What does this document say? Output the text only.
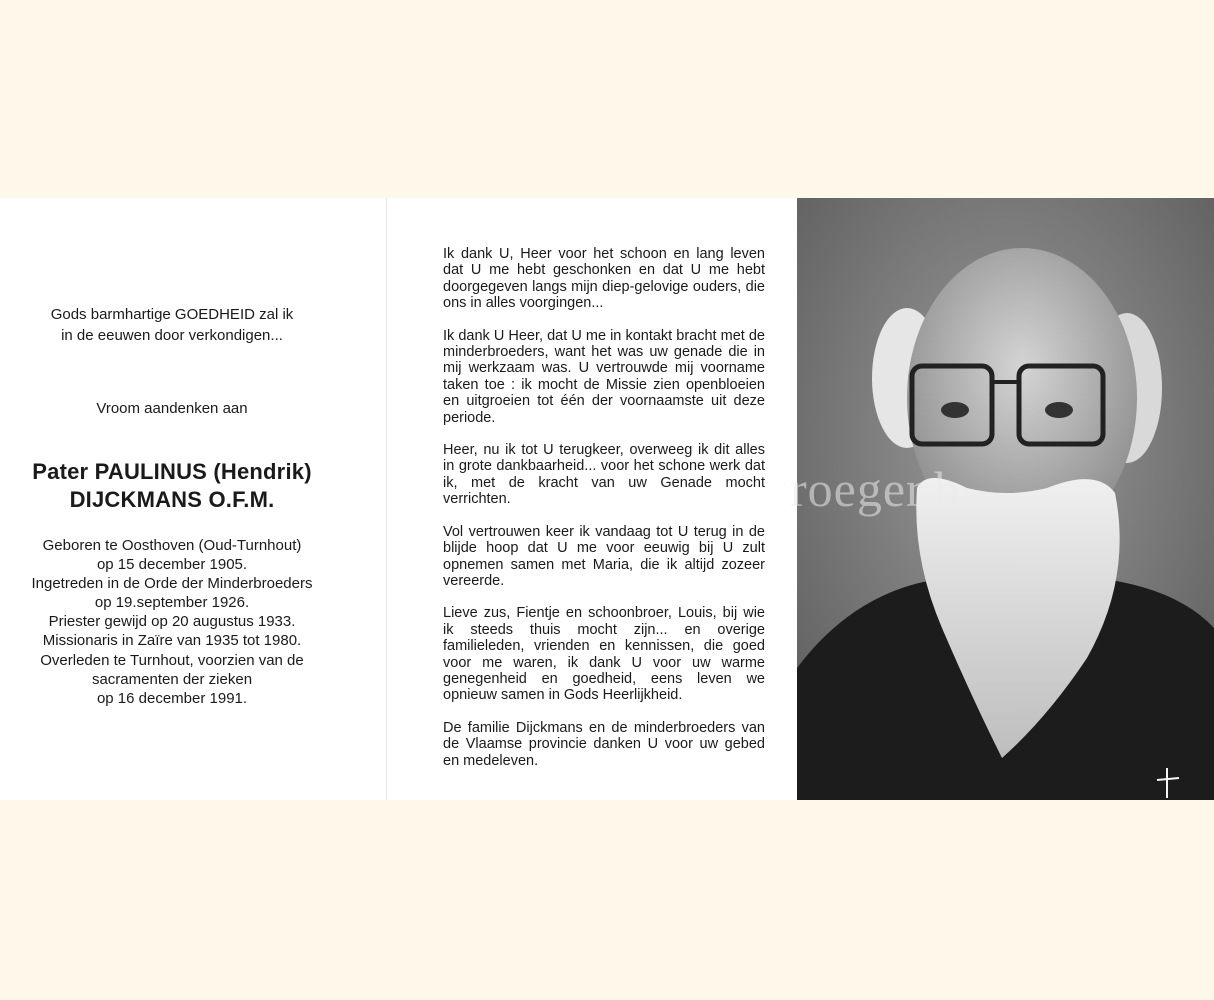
Gods barmhartige GOEDHEID zal ik
in de eeuwen door verkondigen...
Vroom aandenken aan
Pater PAULINUS (Hendrik)
DIJCKMANS O.F.M.
Geboren te Oosthoven (Oud-Turnhout)
op 15 december 1905.
Ingetreden in de Orde der Minderbroeders
op 19.september 1926.
Priester gewijd op 20 augustus 1933.
Missionaris in Zaïre van 1935 tot 1980.
Overleden te Turnhout, voorzien van de
sacramenten der zieken
op 16 december 1991.

Ik dank U, Heer voor het schoon en lang leven dat U me hebt geschonken en dat U me hebt doorgegeven langs mijn diep-gelovige ouders, die ons in alles voorgingen...

Ik dank U Heer, dat U me in kontakt bracht met de minderbroeders, want het was uw genade die in mij werkzaam was. U vertrouwde mij voorname taken toe : ik mocht de Missie zien openbloeien en uitgroeien tot één der voornaamste uit deze periode.

Heer, nu ik tot U terugkeer, overweeg ik dit alles in grote dankbaarheid... voor het schone werk dat ik, met de kracht van uw Genade mocht verrichten.

Vol vertrouwen keer ik vandaag tot U terug in de blijde hoop dat U me voor eeuwig bij U zult opnemen samen met Maria, die ik altijd zozeer vereerde.

Lieve zus, Fientje en schoonbroer, Louis, bij wie ik steeds thuis mocht zijn... en overige familieleden, vrienden en kennissen, die goed voor me waren, ik dank U voor uw warme genegenheid en goedheid, eens leven we opnieuw samen in Gods Heerlijkheid.

De familie Dijckmans en de minderbroeders van de Vlaamse provincie danken U voor uw gebed en medeleven.

roeger.b
